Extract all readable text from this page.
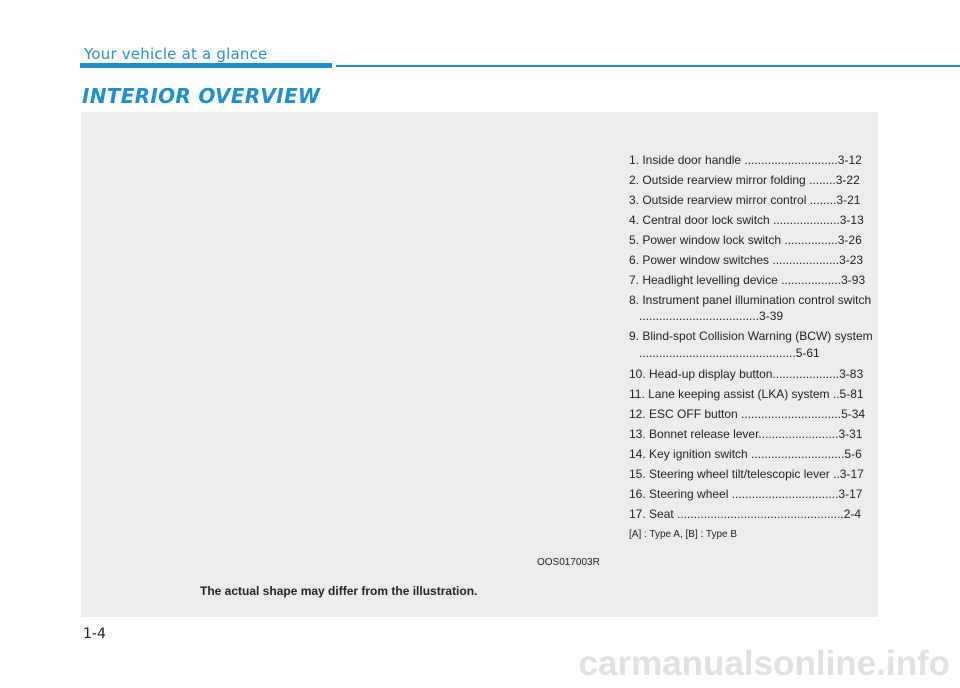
Your vehicle at a glance
INTERIOR OVERVIEW
1. Inside door handle ............................3-12
2. Outside rearview mirror folding ........3-22
3. Outside rearview mirror control ........3-21
4. Central door lock switch ....................3-13
5. Power window lock switch ................3-26
6. Power window switches ....................3-23
7. Headlight levelling device ..................3-93
8. Instrument panel illumination control switch ....................................3-39
9. Blind-spot Collision Warning (BCW) system ...............................................5-61
10. Head-up display button....................3-83
11. Lane keeping assist (LKA) system ..5-81
12. ESC OFF button ..............................5-34
13. Bonnet release lever........................3-31
14. Key ignition switch ............................5-6
15. Steering wheel tilt/telescopic lever ..3-17
16. Steering wheel ................................3-17
17. Seat ..................................................2-4
[A] : Type A, [B] : Type B
OOS017003R
The actual shape may differ from the illustration.
1-4
carmanualsonline.info
